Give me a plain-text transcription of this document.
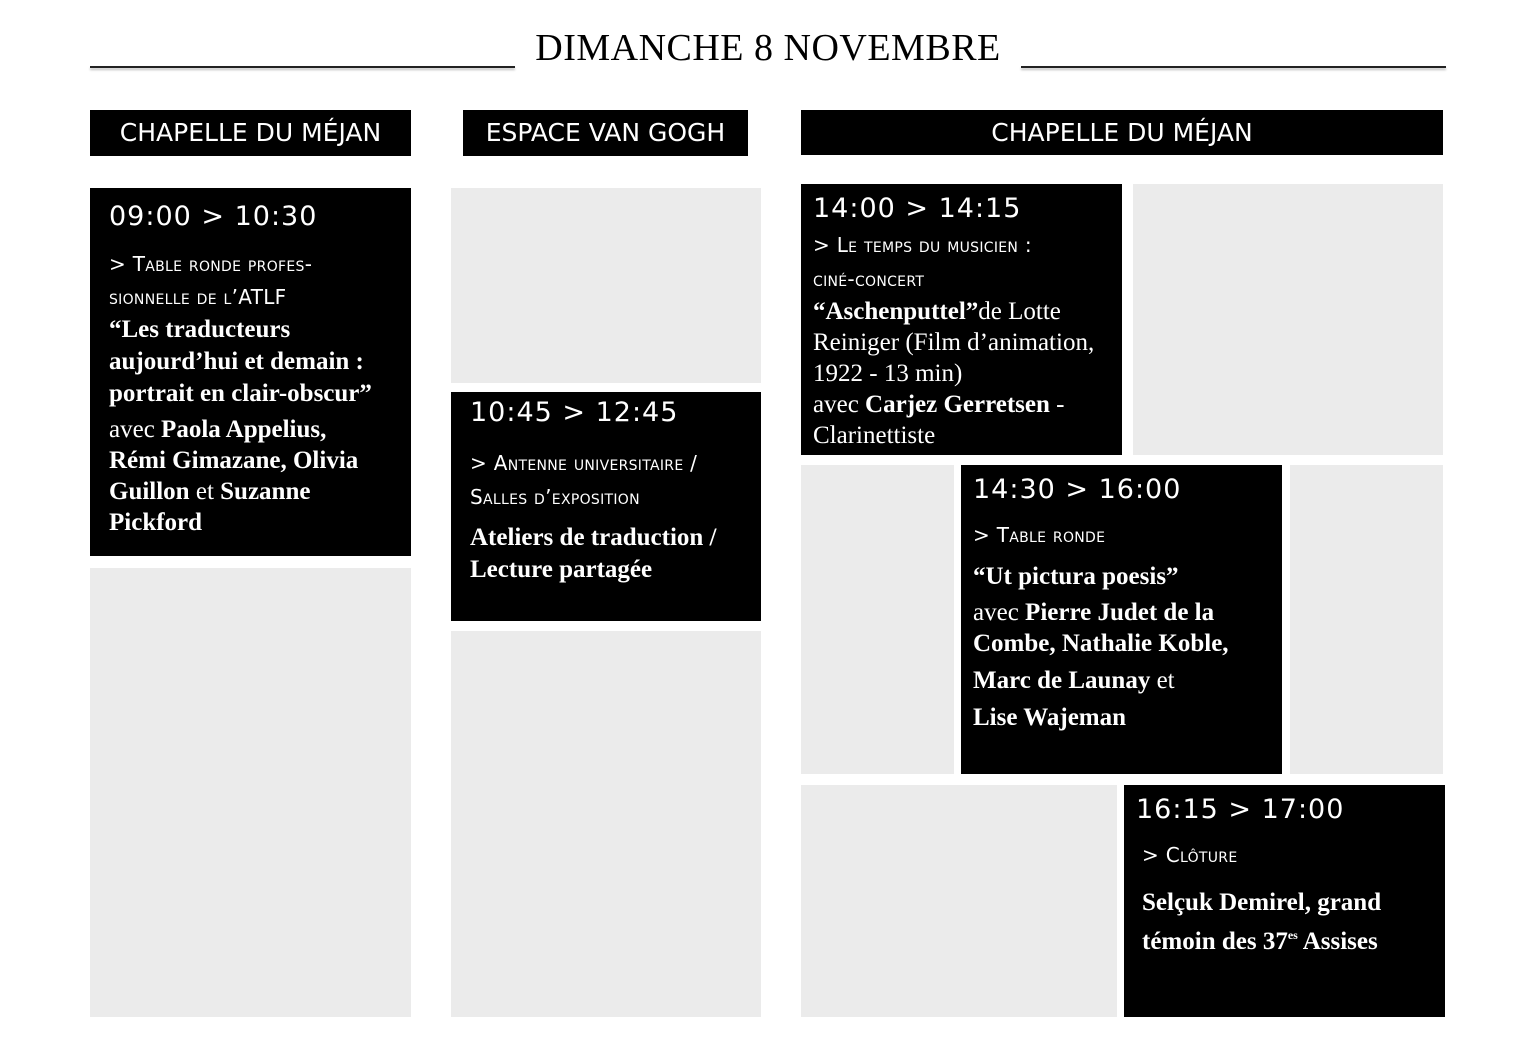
DIMANCHE 8 NOVEMBRE
CHAPELLE DU MÉJAN	ESPACE VAN GOGH	CHAPELLE DU MÉJAN
09:00 > 10:30
> Table ronde profes-
sionnelle de l’ATLF
“Les traducteurs
aujourd’hui et demain :
portrait en clair-obscur”
avec Paola Appelius,
Rémi Gimazane, Olivia
Guillon et Suzanne
Pickford
10:45 > 12:45
> Antenne universitaire /
Salles d’exposition
Ateliers de traduction /
Lecture partagée
14:00 > 14:15
> Le temps du musicien :
ciné-concert
“Aschenputtel”de Lotte
Reiniger (Film d’animation,
1922 - 13 min)
avec Carjez Gerretsen -
Clarinettiste
14:30 > 16:00
> Table ronde
“Ut pictura poesis”
avec Pierre Judet de la
Combe, Nathalie Koble,
Marc de Launay et
Lise Wajeman
16:15 > 17:00
> Clôture
Selçuk Demirel, grand
témoin des $37^{es}$ Assises
